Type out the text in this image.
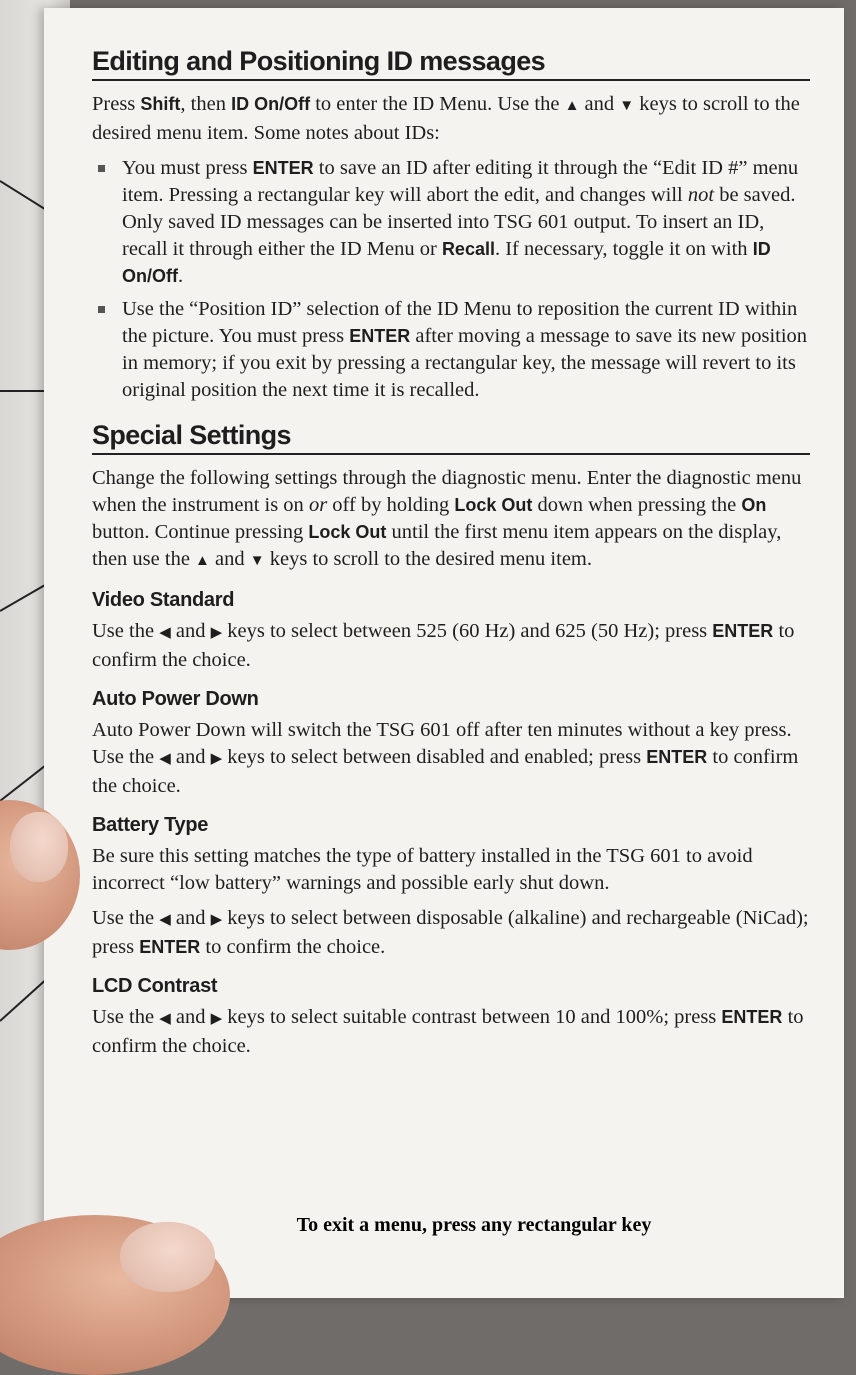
Editing and Positioning ID messages

Press Shift, then ID On/Off to enter the ID Menu. Use the ▲ and ▼ keys to scroll to the desired menu item. Some notes about IDs:

You must press ENTER to save an ID after editing it through the “Edit ID #” menu item. Pressing a rectangular key will abort the edit, and changes will not be saved. Only saved ID messages can be inserted into TSG 601 output. To insert an ID, recall it through either the ID Menu or Recall. If necessary, toggle it on with ID On/Off.
Use the “Position ID” selection of the ID Menu to reposition the current ID within the picture. You must press ENTER after moving a message to save its new position in memory; if you exit by pressing a rectangular key, the message will revert to its original position the next time it is recalled.
Special Settings

Change the following settings through the diagnostic menu. Enter the diagnostic menu when the instrument is on or off by holding Lock Out down when pressing the On button. Continue pressing Lock Out until the first menu item appears on the display, then use the ▲ and ▼ keys to scroll to the desired menu item.

Video Standard

Use the ◀ and ▶ keys to select between 525 (60 Hz) and 625 (50 Hz); press ENTER to confirm the choice.

Auto Power Down

Auto Power Down will switch the TSG 601 off after ten minutes without a key press. Use the ◀ and ▶ keys to select between disabled and enabled; press ENTER to confirm the choice.

Battery Type

Be sure this setting matches the type of battery installed in the TSG 601 to avoid incorrect “low battery” warnings and possible early shut down.

Use the ◀ and ▶ keys to select between disposable (alkaline) and rechargeable (NiCad); press ENTER to confirm the choice.

LCD Contrast

Use the ◀ and ▶ keys to select suitable contrast between 10 and 100%; press ENTER to confirm the choice.

To exit a menu, press any rectangular key
